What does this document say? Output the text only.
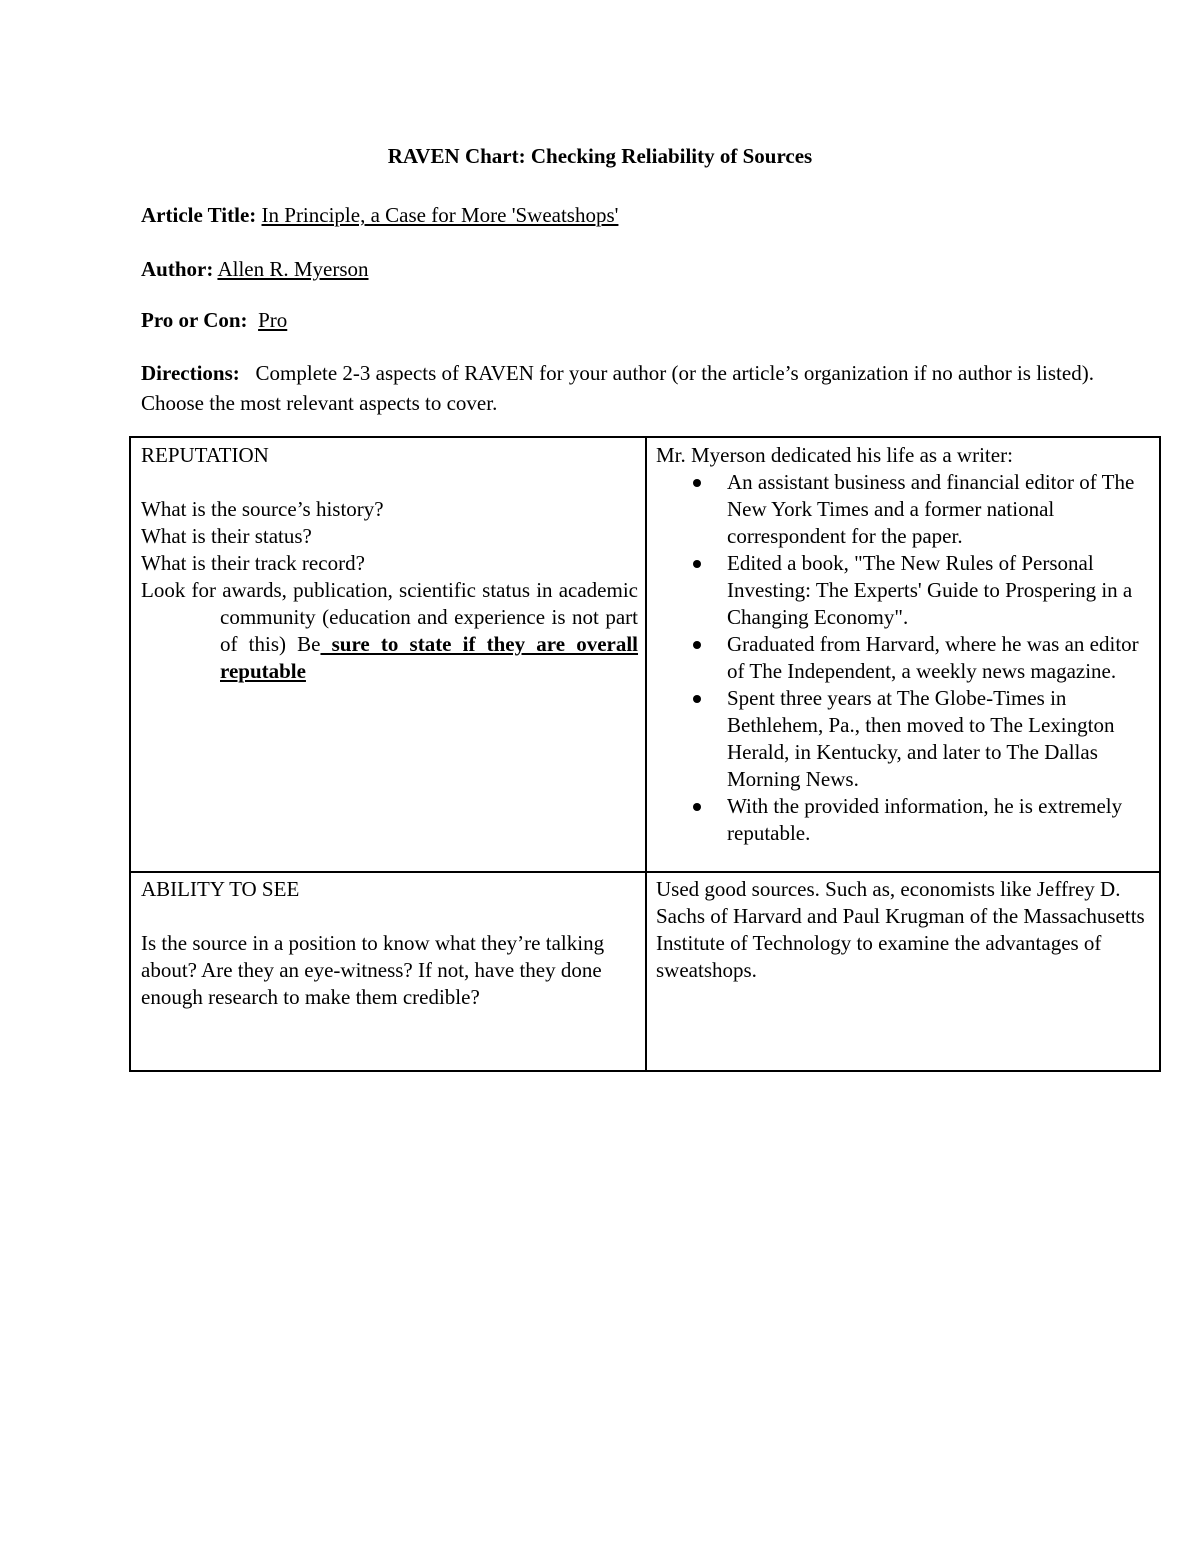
RAVEN Chart: Checking Reliability of Sources
Article Title: In Principle, a Case for More 'Sweatshops'
Author: Allen R. Myerson
Pro or Con: Pro
Directions: Complete 2-3 aspects of RAVEN for your author (or the article’s organization if no author is listed). Choose the most relevant aspects to cover.
REPUTATION
What is the source’s history?
What is their status?
What is their track record?
Look for awards, publication, scientific status in academic community (education and experience is not part of this) Be sure to state if they are overall reputable
Mr. Myerson dedicated his life as a writer:
An assistant business and financial editor of The New York Times and a former national correspondent for the paper.
Edited a book, "The New Rules of Personal Investing: The Experts' Guide to Prospering in a Changing Economy".
Graduated from Harvard, where he was an editor of The Independent, a weekly news magazine.
Spent three years at The Globe-Times in Bethlehem, Pa., then moved to The Lexington Herald, in Kentucky, and later to The Dallas Morning News.
With the provided information, he is extremely reputable.
ABILITY TO SEE
Is the source in a position to know what they’re talking about? Are they an eye-witness? If not, have they done enough research to make them credible?
Used good sources. Such as, economists like Jeffrey D. Sachs of Harvard and Paul Krugman of the Massachusetts Institute of Technology to examine the advantages of sweatshops.
